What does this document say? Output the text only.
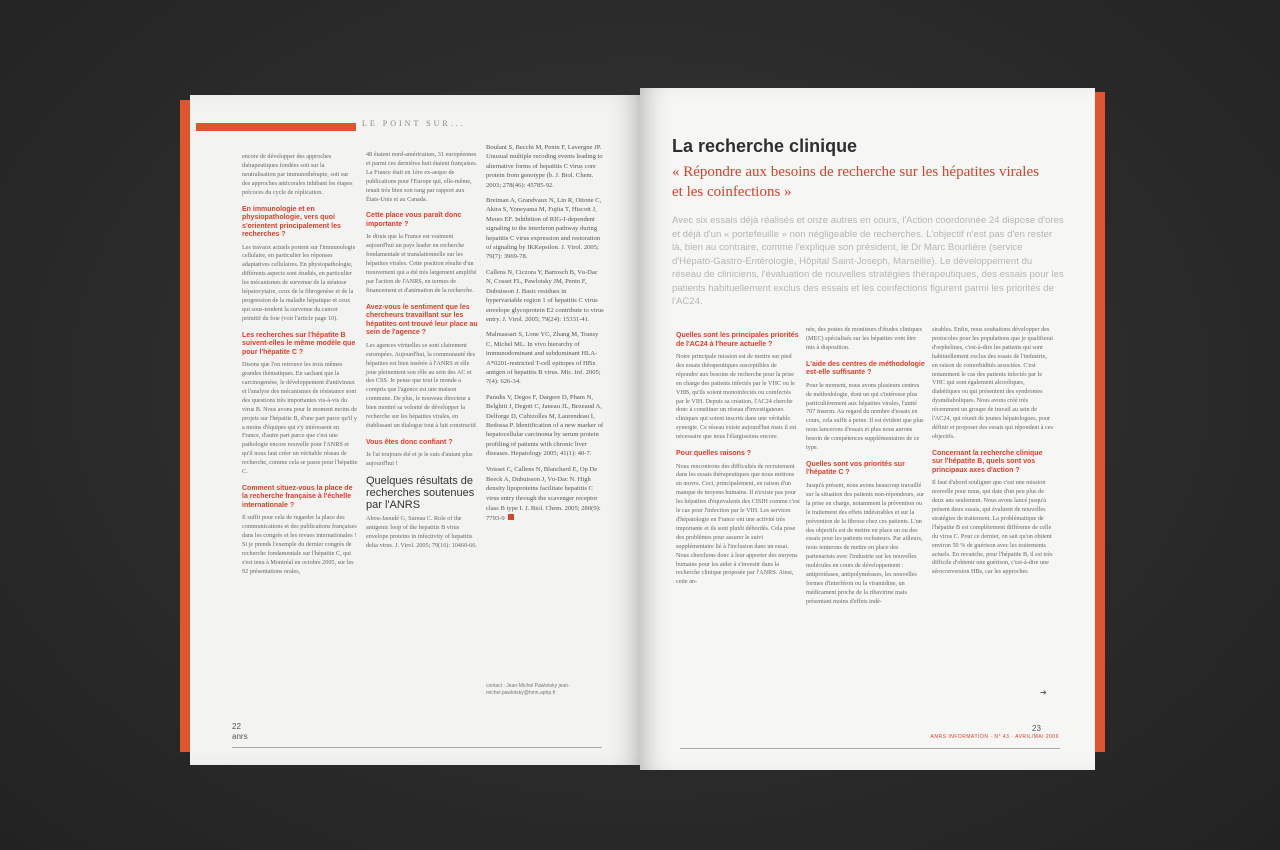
LE POINT SUR...

encore de développer des approches thérapeutiques fondées soit sur la neutralisation par immunothérapie, soit sur des approches anticorales inhibant les étapes précoces du cycle de réplication.

En immunologie et en physiopathologie, vers quoi s'orientent principalement les recherches ?

Les travaux actuels portent sur l'immunologie cellulaire, en particulier les réponses adaptatives cellulaires. En physiopathologie, différents aspects sont étudiés, en particulier les mécanismes de survenue de la stéatose hépatocytaire, ceux de la fibrogenèse et de la progression de la maladie hépatique et ceux qui sous-tendent la survenue du cancer primitif du foie (voir l'article page 10).

Les recherches sur l'hépatite B suivent-elles le même modèle que pour l'hépatite C ?

Disons que l'on retrouve les trois mêmes grandes thématiques. En sachant que la carcinogenèse, le développement d'antiviraux et l'analyse des mécanismes de résistance sont des questions très importantes vis-à-vis du virus B. Nous avons pour le moment moins de projets sur l'hépatite B, d'une part parce qu'il y a moins d'équipes qui s'y intéressent en France, d'autre part parce que c'est une pathologie encore nouvelle pour l'ANRS et qu'il nous faut créer un véritable réseau de recherche, comme cela se passe pour l'hépatite C.

Comment situez-vous la place de la recherche française à l'échelle internationale ?

Il suffit pour cela de regarder la place des communications et des publications françaises dans les congrès et les revues internationales ! Si je prends l'exemple du dernier congrès de recherche fondamentale sur l'hépatite C, qui s'est tenu à Montréal en octobre 2005, sur les 92 présentations orales,

48 étaient nord-américaines, 31 européennes et parmi ces dernières huit étaient françaises. La France était en 1ère ex-aequo de publications pour l'Europe qui, elle-même, tenait très bien son rang par rapport aux États-Unis et au Canada.

Cette place vous paraît donc importante ?

Je dirais que la France est vraiment aujourd'hui un pays leader en recherche fondamentale et translationnelle sur les hépatites virales. Cette position résulte d'un mouvement qui a été très largement amplifié par l'action de l'ANRS, en termes de financement et d'animation de la recherche.

Avez-vous le sentiment que les chercheurs travaillant sur les hépatites ont trouvé leur place au sein de l'agence ?

Les agences virtuelles se sont clairement estompées. Aujourd'hui, la communauté des hépatites est bien insérée à l'ANRS et elle joue pleinement son rôle au sein des AC et des CSS. Je pense que tout le monde a compris que l'agence est une maison commune. De plus, le nouveau directeur a bien montré sa volonté de développer la recherche sur les hépatites virales, en établissant un dialogue tout à fait constructif.

Vous êtes donc confiant ?

Je l'ai toujours été et je le suis d'autant plus aujourd'hui !

Quelques résultats de recherches soutenues par l'ANRS

Abou-Jaoudé G, Sureau C. Role of the antigenic loop of the hepatitis B virus envelope proteins in infectivity of hepatitis delta virus. J. Virol. 2005; 79(16): 10460-66.

Boulant S, Becchi M, Penin F, Lavergne JP. Unusual multiple recoding events leading to alternative forms of hepatitis C virus core protein from genotype (b. J. Biol. Chem. 2003; 278(46): 45785-92.

Breiman A, Grandvaux N, Lin R, Ottone C, Akira S, Yoneyama M, Fujita T, Hiscott J, Meurs EF. Inhibition of RIG-I-dependent signaling to the interferon pathway during hepatitis C virus expression and restoration of signaling by IKKepsilon. J. Virol. 2005; 79(7): 3969-78.

Callens N, Ciczora Y, Bartosch B, Vu-Dac N, Cosset FL, Pawlotsky JM, Penin F, Dubuisson J. Basic residues in hypervariable region 1 of hepatitis C virus envelope glycoprotein E2 contribute to virus entry. J. Virol. 2005; 79(24): 15331-41.

Malmassari S, Lone YC, Zhang M, Transy C, Michel ML. In vivo hierarchy of immunodominant and subdominant HLA-A*0201-restricted T-cell epitopes of HBx antigen of hepatitis B virus. Mic. Inf. 2005; 7(4): 626-34.

Paradis V, Degos F, Dargere D, Pham N, Belghiti J, Degott C, Janeau JL, Bezeaud A, Delforge D, Cubizolles M, Laurendeau I, Bedossa P. Identification of a new marker of hepatocellular carcinoma by serum protein profiling of patients with chronic liver diseases. Hepatology 2005; 41(1): 40-7.

Voisset C, Callens N, Blanchard E, Op De Beeck A, Dubuisson J, Vu-Dac N. High density lipoproteins facilitate hepatitis C virus entry through the scavenger receptor class B type I. J. Biol. Chem. 2005; 280(9): 7793-9

contact : Jean-Michel Pawlotsky jean-michel.pawlotsky@hmn.aphp.fr
22
anrs
La recherche clinique
« Répondre aux besoins de recherche sur les hépatites virales et les coinfections »
Avec six essais déjà réalisés et onze autres en cours, l'Action coordonnée 24 dispose d'ores et déjà d'un « portefeuille » non négligeable de recherches. L'objectif n'est pas d'en rester là, bien au contraire, comme l'explique son président, le Dr Marc Bourlière (service d'Hépato-Gastro-Entérologie, Hôpital Saint-Joseph, Marseille). Le développement du réseau de cliniciens, l'évaluation de nouvelles stratégies thérapeutiques, des essais pour les patients habituellement exclus des essais et les coinfections figurent parmi les priorités de l'AC24.
Quelles sont les principales priorités de l'AC24 à l'heure actuelle ?

Notre principale mission est de mettre sur pied des essais thérapeutiques susceptibles de répondre aux besoins de recherche pour la prise en charge des patients infectés par le VHC ou le VHB, qu'ils soient monoinfectés ou coinfectés par le VIH. Depuis sa création, l'AC24 cherche donc à constituer un réseau d'investigateurs cliniques qui soient inscrits dans une véritable synergie. Ce réseau existe aujourd'hui mais il est nécessaire que nous l'élargissions encore.

Pour quelles raisons ?

Nous rencontrons des difficultés de recrutement dans les essais thérapeutiques que nous mettons en œuvre. Ceci, principalement, en raison d'un manque de moyens humains. Il n'existe pas pour les hépatites d'équivalents des CISIH comme c'est le cas pour l'infection par le VIH. Les services d'hépatologie en France ont une activité très importante et ils sont plutôt débordés. Cela pose des problèmes pour assurer le suivi supplémentaire lié à l'inclusion dans un essai. Nous cherchons donc à leur apporter des moyens humains pour les aider à s'investir dans la recherche clinique proposée par l'ANRS. Ainsi, cette an-

née, des postes de moniteurs d'études cliniques (MEC) spécialisés sur les hépatites vont être mis à disposition.

L'aide des centres de méthodologie est-elle suffisante ?

Pour le moment, nous avons plusieurs centres de méthodologie, dont un qui s'intéresse plus particulièrement aux hépatites virales, l'unité 707 Inserm. Au regard du nombre d'essais en cours, cela suffit à peine. Il est évident que plus nous lancerons d'essais et plus nous aurons besoin de compétences supplémentaires de ce type.

Quelles sont vos priorités sur l'hépatite C ?

Jusqu'à présent, nous avons beaucoup travaillé sur la situation des patients non-répondeurs, sur la prise en charge, notamment la prévention ou le traitement des effets indésirables et sur la prévention de la fibrose chez ces patients. L'un des objectifs est de mettre en place un ou des essais pour les patients rechuteurs. Par ailleurs, nous tenterons de mettre en place des partenariats avec l'industrie sur les nouvelles molécules en cours de développement : antiprotéases, antipolymérases, les nouvelles formes d'interféron ou la viramidine, un médicament proche de la ribavirine mais présentant moins d'effets indé-

sirables. Enfin, nous souhaitons développer des protocoles pour les populations que je qualifierai d'orphelines, c'est-à-dire les patients qui sont habituellement exclus des essais de l'industrie, en raison de comorbidités associées. C'est notamment le cas des patients infectés par le VHC qui sont également alcooliques, diabétiques ou qui présentent des syndromes dysmétaboliques. Nous avons créé très récemment un groupe de travail au sein de l'AC24, qui réunit de jeunes hépatologues, pour définir et proposer des essais qui répondent à ces objectifs.

Concernant la recherche clinique sur l'hépatite B, quels sont vos principaux axes d'action ?

Il faut d'abord souligner que c'est une mission nouvelle pour nous, qui date d'un peu plus de deux ans seulement. Nous avons lancé jusqu'à présent deux essais, qui évaluent de nouvelles stratégies de traitement. La problématique de l'hépatite B est complètement différente de celle du virus C. Pour ce dernier, on sait qu'on obtient environ 50 % de guérison avec les traitements actuels. En revanche, pour l'hépatite B, il est très difficile d'obtenir une guérison, c'est-à-dire une séroconversion HBs, car les approches

➔
23
ANRS INFORMATION · N° 43 · AVRIL/MAI 2006
